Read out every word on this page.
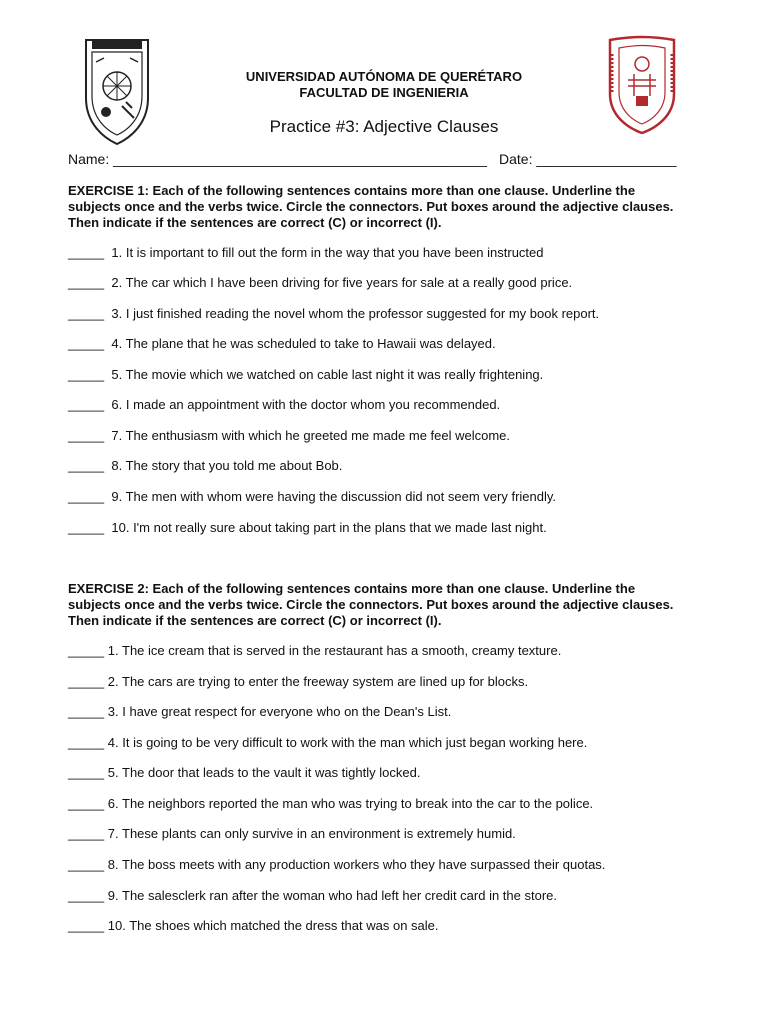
UNIVERSIDAD AUTÓNOMA DE QUERÉTARO
FACULTAD DE INGENIERIA
Practice #3: Adjective Clauses
Name: ________________________________________________ Date: __________________
EXERCISE 1: Each of the following sentences contains more than one clause. Underline the subjects once and the verbs twice. Circle the connectors. Put boxes around the adjective clauses. Then indicate if the sentences are correct (C) or incorrect (I).
_____ 1. It is important to fill out the form in the way that you have been instructed
_____ 2. The car which I have been driving for five years for sale at a really good price.
_____ 3. I just finished reading the novel whom the professor suggested for my book report.
_____ 4. The plane that he was scheduled to take to Hawaii was delayed.
_____ 5. The movie which we watched on cable last night it was really frightening.
_____ 6. I made an appointment with the doctor whom you recommended.
_____ 7. The enthusiasm with which he greeted me made me feel welcome.
_____ 8. The story that you told me about Bob.
_____ 9. The men with whom were having the discussion did not seem very friendly.
_____ 10. I'm not really sure about taking part in the plans that we made last night.
EXERCISE 2: Each of the following sentences contains more than one clause. Underline the subjects once and the verbs twice. Circle the connectors. Put boxes around the adjective clauses. Then indicate if the sentences are correct (C) or incorrect (I).
_____ 1. The ice cream that is served in the restaurant has a smooth, creamy texture.
_____ 2. The cars are trying to enter the freeway system are lined up for blocks.
_____ 3. I have great respect for everyone who on the Dean's List.
_____ 4. It is going to be very difficult to work with the man which just began working here.
_____ 5. The door that leads to the vault it was tightly locked.
_____ 6. The neighbors reported the man who was trying to break into the car to the police.
_____ 7. These plants can only survive in an environment is extremely humid.
_____ 8. The boss meets with any production workers who they have surpassed their quotas.
_____ 9. The salesclerk ran after the woman who had left her credit card in the store.
_____ 10. The shoes which matched the dress that was on sale.
